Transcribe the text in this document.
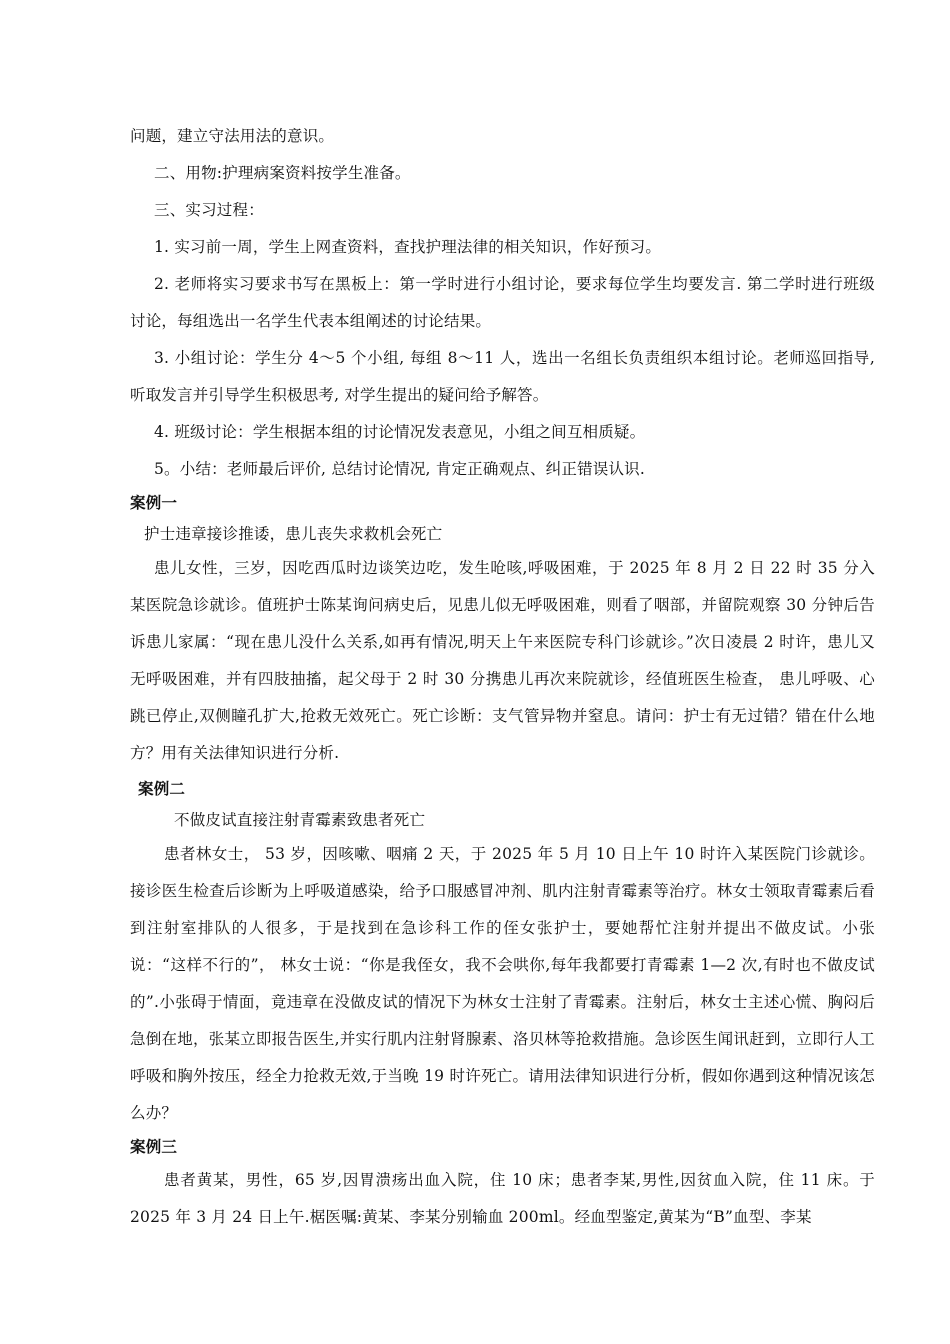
问题，建立守法用法的意识。

二、用物:护理病案资料按学生准备。

三、实习过程：

1. 实习前一周，学生上网查资料，查找护理法律的相关知识，作好预习。

2. 老师将实习要求书写在黑板上：第一学时进行小组讨论，要求每位学生均要发言. 第二学时进行班级讨论，每组选出一名学生代表本组阐述的讨论结果。

3. 小组讨论：学生分 4～5 个小组, 每组 8～11 人，选出一名组长负责组织本组讨论。老师巡回指导, 听取发言并引导学生积极思考, 对学生提出的疑问给予解答。

4. 班级讨论：学生根据本组的讨论情况发表意见，小组之间互相质疑。

5。小结：老师最后评价, 总结讨论情况, 肯定正确观点、纠正错误认识.

案例一

护士违章接诊推诿，患儿丧失求救机会死亡

患儿女性，三岁，因吃西瓜时边谈笑边吃，发生呛咳,呼吸困难，于 2025 年 8 月 2 日 22 时 35 分入某医院急诊就诊。值班护士陈某询问病史后，见患儿似无呼吸困难，则看了咽部，并留院观察 30 分钟后告诉患儿家属：“现在患儿没什么关系,如再有情况,明天上午来医院专科门诊就诊。”次日凌晨 2 时许，患儿又无呼吸困难，并有四肢抽搐，起父母于 2 时 30 分携患儿再次来院就诊，经值班医生检查， 患儿呼吸、心跳已停止,双侧瞳孔扩大,抢救无效死亡。死亡诊断：支气管异物并窒息。请问：护士有无过错？错在什么地方？用有关法律知识进行分析.

案例二

不做皮试直接注射青霉素致患者死亡

患者林女士， 53 岁，因咳嗽、咽痛 2 天，于 2025 年 5 月 10 日上午 10 时许入某医院门诊就诊。接诊医生检查后诊断为上呼吸道感染，给予口服感冒冲剂、肌内注射青霉素等治疗。林女士领取青霉素后看到注射室排队的人很多，于是找到在急诊科工作的侄女张护士，要她帮忙注射并提出不做皮试。小张说：“这样不行的”， 林女士说：“你是我侄女，我不会哄你,每年我都要打青霉素 1—2 次,有时也不做皮试的”.小张碍于情面，竟违章在没做皮试的情况下为林女士注射了青霉素。注射后，林女士主述心慌、胸闷后急倒在地，张某立即报告医生,并实行肌内注射肾腺素、洛贝林等抢救措施。急诊医生闻讯赶到，立即行人工呼吸和胸外按压，经全力抢救无效,于当晚 19 时许死亡。请用法律知识进行分析，假如你遇到这种情况该怎么办？

案例三

患者黄某，男性，65 岁,因胃溃疡出血入院，住 10 床；患者李某,男性,因贫血入院，住 11 床。于 2025 年 3 月 24 日上午.椐医嘱:黄某、李某分别输血 200ml。经血型鉴定,黄某为“B”血型、李某
